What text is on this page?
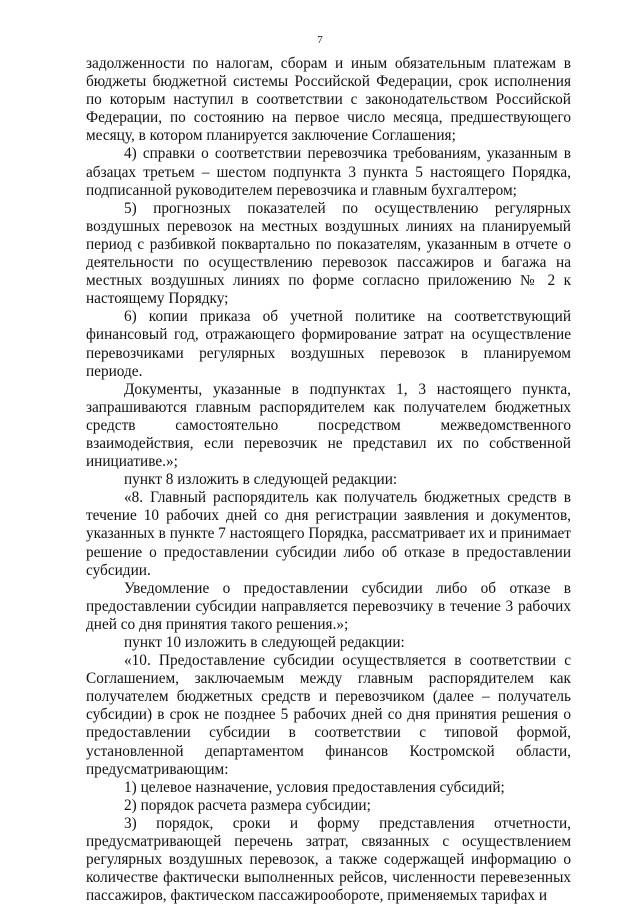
7

задолженности по налогам, сборам и иным обязательным платежам в бюджеты бюджетной системы Российской Федерации, срок исполнения по которым наступил в соответствии с законодательством Российской Федерации, по состоянию на первое число месяца, предшествующего месяцу, в котором планируется заключение Соглашения;

4) справки о соответствии перевозчика требованиям, указанным в абзацах третьем – шестом подпункта 3 пункта 5 настоящего Порядка, подписанной руководителем перевозчика и главным бухгалтером;

5) прогнозных показателей по осуществлению регулярных воздушных перевозок на местных воздушных линиях на планируемый период с разбивкой поквартально по показателям, указанным в отчете о деятельности по осуществлению перевозок пассажиров и багажа на местных воздушных линиях по форме согласно приложению № 2 к настоящему Порядку;

6) копии приказа об учетной политике на соответствующий финансовый год, отражающего формирование затрат на осуществление перевозчиками регулярных воздушных перевозок в планируемом периоде.

Документы, указанные в подпунктах 1, 3 настоящего пункта, запрашиваются главным распорядителем как получателем бюджетных средств самостоятельно посредством межведомственного взаимодействия, если перевозчик не представил их по собственной инициативе.»;

пункт 8 изложить в следующей редакции:

«8. Главный распорядитель как получатель бюджетных средств в течение 10 рабочих дней со дня регистрации заявления и документов, указанных в пункте 7 настоящего Порядка, рассматривает их и принимает решение о предоставлении субсидии либо об отказе в предоставлении субсидии.

Уведомление о предоставлении субсидии либо об отказе в предоставлении субсидии направляется перевозчику в течение 3 рабочих дней со дня принятия такого решения.»;

пункт 10 изложить в следующей редакции:

«10. Предоставление субсидии осуществляется в соответствии с Соглашением, заключаемым между главным распорядителем как получателем бюджетных средств и перевозчиком (далее – получатель субсидии) в срок не позднее 5 рабочих дней со дня принятия решения о предоставлении субсидии в соответствии с типовой формой, установленной департаментом финансов Костромской области, предусматривающим:

1) целевое назначение, условия предоставления субсидий;

2) порядок расчета размера субсидии;

3) порядок, сроки и форму представления отчетности, предусматривающей перечень затрат, связанных с осуществлением регулярных воздушных перевозок, а также содержащей информацию о количестве фактически выполненных рейсов, численности перевезенных пассажиров, фактическом пассажирообороте, применяемых тарифах и
